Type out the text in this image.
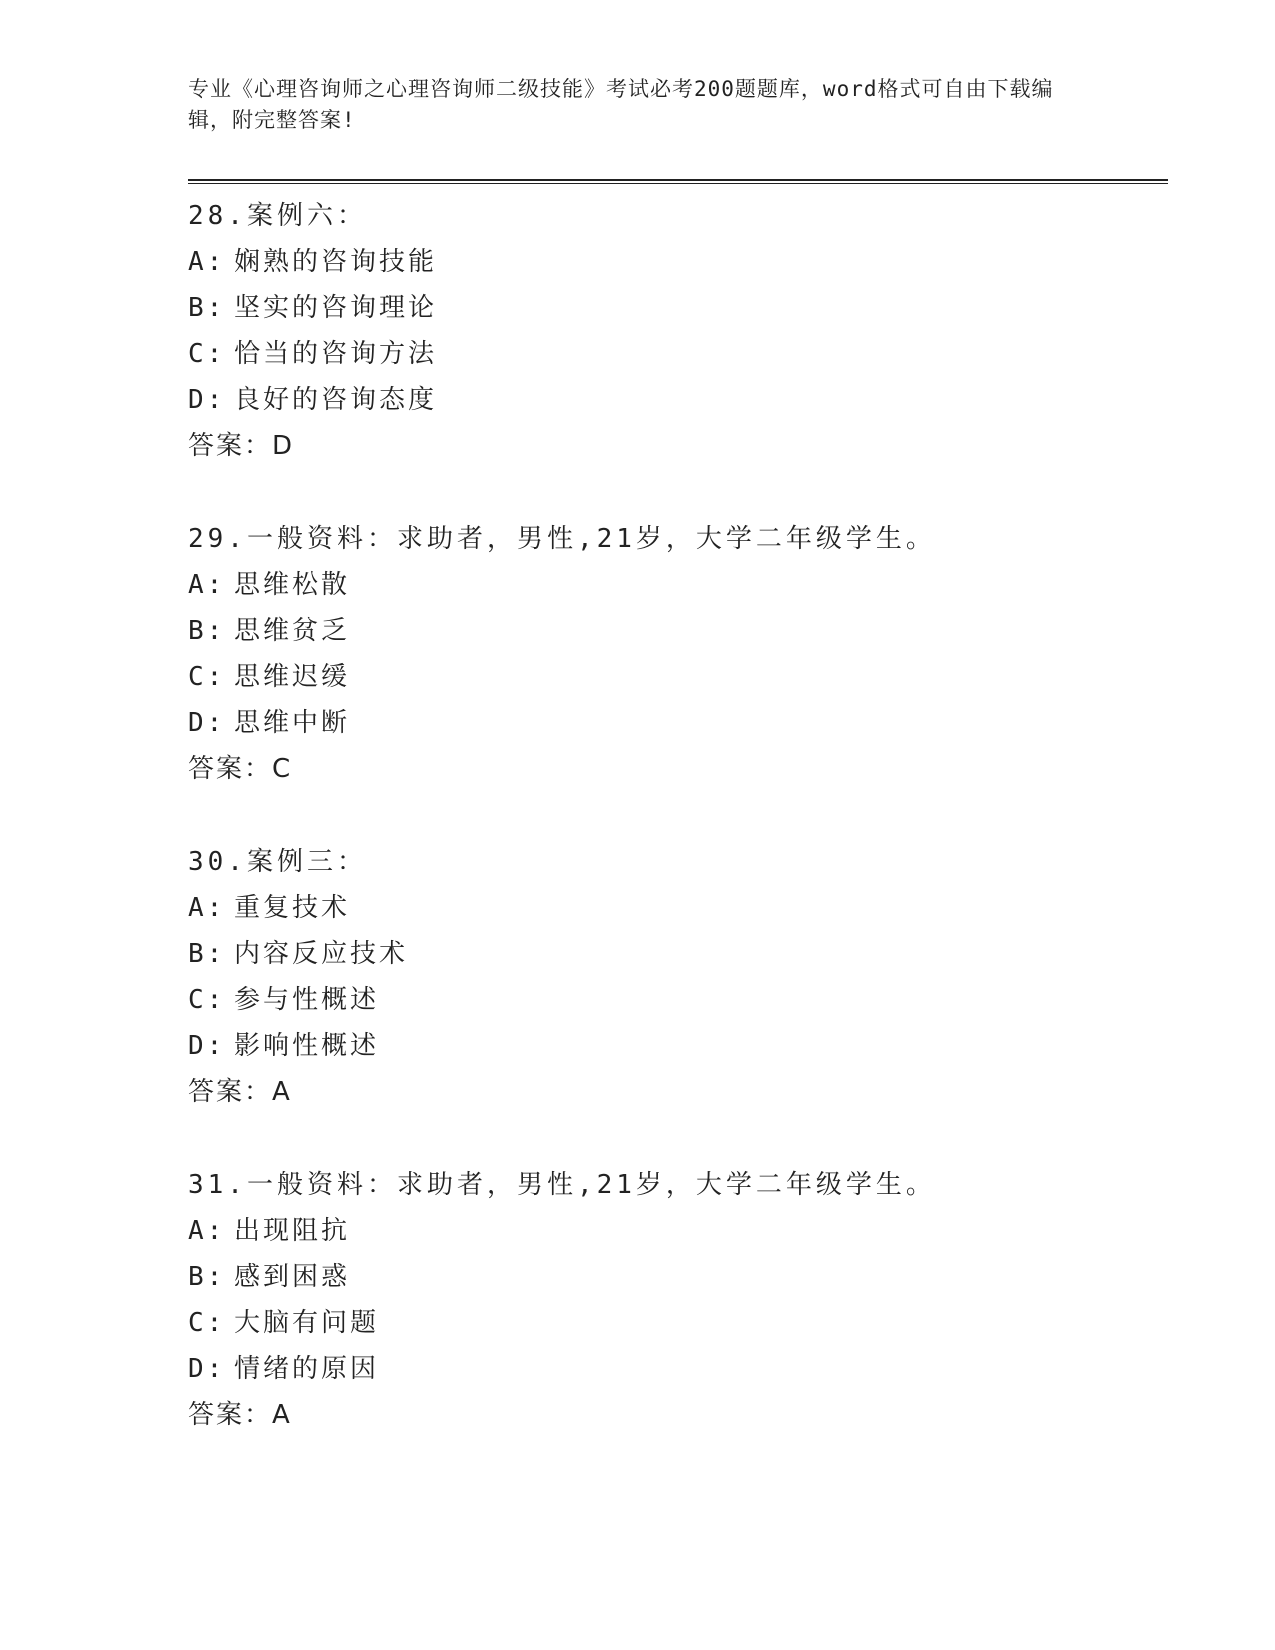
专业《心理咨询师之心理咨询师二级技能》考试必考200题题库，word格式可自由下载编辑，附完整答案!
28.案例六：
A: 娴熟的咨询技能
B: 坚实的咨询理论
C: 恰当的咨询方法
D: 良好的咨询态度
答案：D
29.一般资料：求助者，男性,21岁，大学二年级学生。
A: 思维松散
B: 思维贫乏
C: 思维迟缓
D: 思维中断
答案：C
30.案例三：
A: 重复技术
B: 内容反应技术
C: 参与性概述
D: 影响性概述
答案：A
31.一般资料：求助者，男性,21岁，大学二年级学生。
A: 出现阻抗
B: 感到困惑
C: 大脑有问题
D: 情绪的原因
答案：A
